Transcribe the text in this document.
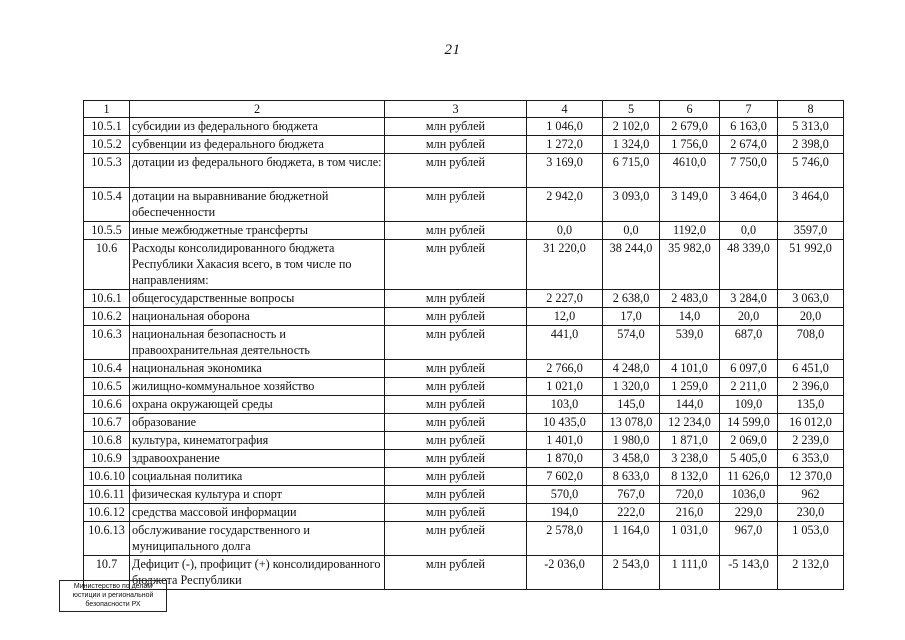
21
1	2	3	4	5	6	7	8
10.5.1	субсидии из федерального бюджета	млн рублей	1 046,0	2 102,0	2 679,0	6 163,0	5 313,0
10.5.2	субвенции из федерального бюджета	млн рублей	1 272,0	1 324,0	1 756,0	2 674,0	2 398,0
10.5.3	дотации из федерального бюджета, в том числе:	млн рублей	3 169,0	6 715,0	4610,0	7 750,0	5 746,0
10.5.4	дотации на выравнивание бюджетной обеспеченности	млн рублей	2 942,0	3 093,0	3 149,0	3 464,0	3 464,0
10.5.5	иные межбюджетные трансферты	млн рублей	0,0	0,0	1192,0	0,0	3597,0
10.6	Расходы консолидированного бюджета Республики Хакасия всего, в том числе по направлениям:	млн рублей	31 220,0	38 244,0	35 982,0	48 339,0	51 992,0
10.6.1	общегосударственные вопросы	млн рублей	2 227,0	2 638,0	2 483,0	3 284,0	3 063,0
10.6.2	национальная оборона	млн рублей	12,0	17,0	14,0	20,0	20,0
10.6.3	национальная безопасность и правоохранительная деятельность	млн рублей	441,0	574,0	539,0	687,0	708,0
10.6.4	национальная экономика	млн рублей	2 766,0	4 248,0	4 101,0	6 097,0	6 451,0
10.6.5	жилищно-коммунальное хозяйство	млн рублей	1 021,0	1 320,0	1 259,0	2 211,0	2 396,0
10.6.6	охрана окружающей среды	млн рублей	103,0	145,0	144,0	109,0	135,0
10.6.7	образование	млн рублей	10 435,0	13 078,0	12 234,0	14 599,0	16 012,0
10.6.8	культура, кинематография	млн рублей	1 401,0	1 980,0	1 871,0	2 069,0	2 239,0
10.6.9	здравоохранение	млн рублей	1 870,0	3 458,0	3 238,0	5 405,0	6 353,0
10.6.10	социальная политика	млн рублей	7 602,0	8 633,0	8 132,0	11 626,0	12 370,0
10.6.11	физическая культура и спорт	млн рублей	570,0	767,0	720,0	1036,0	962
10.6.12	средства массовой информации	млн рублей	194,0	222,0	216,0	229,0	230,0
10.6.13	обслуживание государственного и муниципального долга	млн рублей	2 578,0	1 164,0	1 031,0	967,0	1 053,0
10.7	Дефицит (-), профицит (+) консолидированного бюджета Республики	млн рублей	-2 036,0	2 543,0	1 111,0	-5 143,0	2 132,0
Министерство по делам
юстиции и региональной
безопасности РХ
